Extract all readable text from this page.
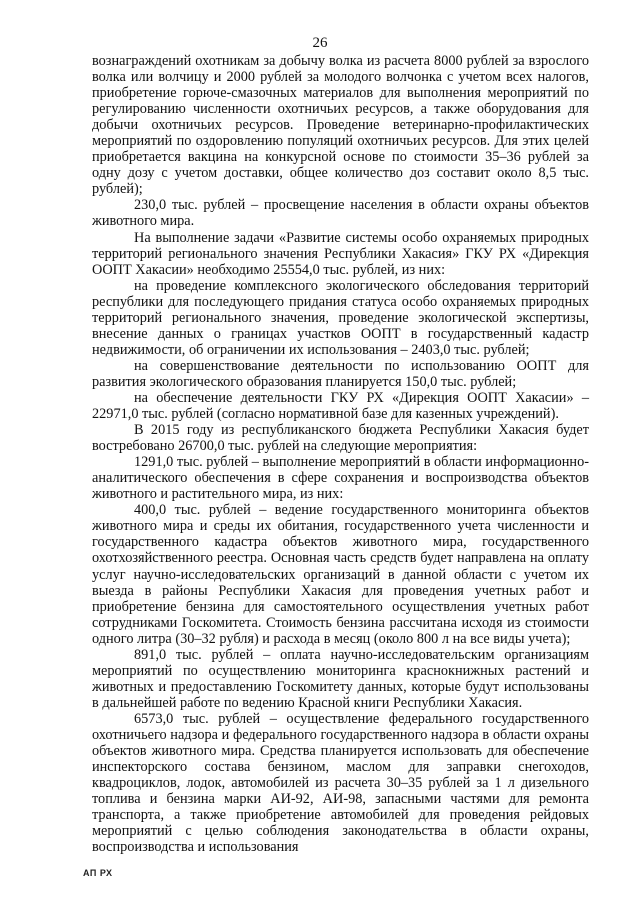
26

вознаграждений охотникам за добычу волка из расчета 8000 рублей за взрослого волка или волчицу и 2000 рублей за молодого волчонка с учетом всех налогов, приобретение горюче-смазочных материалов для выполнения мероприятий по регулированию численности охотничьих ресурсов, а также оборудования для добычи охотничьих ресурсов. Проведение ветеринарно-профилактических мероприятий по оздоровлению популяций охотничьих ресурсов. Для этих целей приобретается вакцина на конкурсной основе по стоимости 35–36 рублей за одну дозу с учетом доставки, общее количество доз составит около 8,5 тыс. рублей);

230,0 тыс. рублей – просвещение населения в области охраны объектов животного мира.

На выполнение задачи «Развитие системы особо охраняемых природных территорий регионального значения Республики Хакасия» ГКУ РХ «Дирекция ООПТ Хакасии» необходимо 25554,0 тыс. рублей, из них:

на проведение комплексного экологического обследования территорий республики для последующего придания статуса особо охраняемых природных территорий регионального значения, проведение экологической экспертизы, внесение данных о границах участков ООПТ в государственный кадастр недвижимости, об ограничении их использования – 2403,0 тыс. рублей;

на совершенствование деятельности по использованию ООПТ для развития экологического образования планируется 150,0 тыс. рублей;

на обеспечение деятельности ГКУ РХ «Дирекция ООПТ Хакасии» – 22971,0 тыс. рублей (согласно нормативной базе для казенных учреждений).

В 2015 году из республиканского бюджета Республики Хакасия будет востребовано 26700,0 тыс. рублей на следующие мероприятия:

1291,0 тыс. рублей – выполнение мероприятий в области информационно-аналитического обеспечения в сфере сохранения и воспроизводства объектов животного и растительного мира, из них:

400,0 тыс. рублей – ведение государственного мониторинга объектов животного мира и среды их обитания, государственного учета численности и государственного кадастра объектов животного мира, государственного охотхозяйственного реестра. Основная часть средств будет направлена на оплату услуг научно-исследовательских организаций в данной области с учетом их выезда в районы Республики Хакасия для проведения учетных работ и приобретение бензина для самостоятельного осуществления учетных работ сотрудниками Госкомитета. Стоимость бензина рассчитана исходя из стоимости одного литра (30–32 рубля) и расхода в месяц (около 800 л на все виды учета);

891,0 тыс. рублей – оплата научно-исследовательским организациям мероприятий по осуществлению мониторинга краснокнижных растений и животных и предоставлению Госкомитету данных, которые будут использованы в дальнейшей работе по ведению Красной книги Республики Хакасия.

6573,0 тыс. рублей – осуществление федерального государственного охотничьего надзора и федерального государственного надзора в области охраны объектов животного мира. Средства планируется использовать для обеспечение инспекторского состава бензином, маслом для заправки снегоходов, квадроциклов, лодок, автомобилей из расчета 30–35 рублей за 1 л дизельного топлива и бензина марки АИ-92, АИ-98, запасными частями для ремонта транспорта, а также приобретение автомобилей для проведения рейдовых мероприятий с целью соблюдения законодательства в области охраны, воспроизводства и использования

АП РХ
